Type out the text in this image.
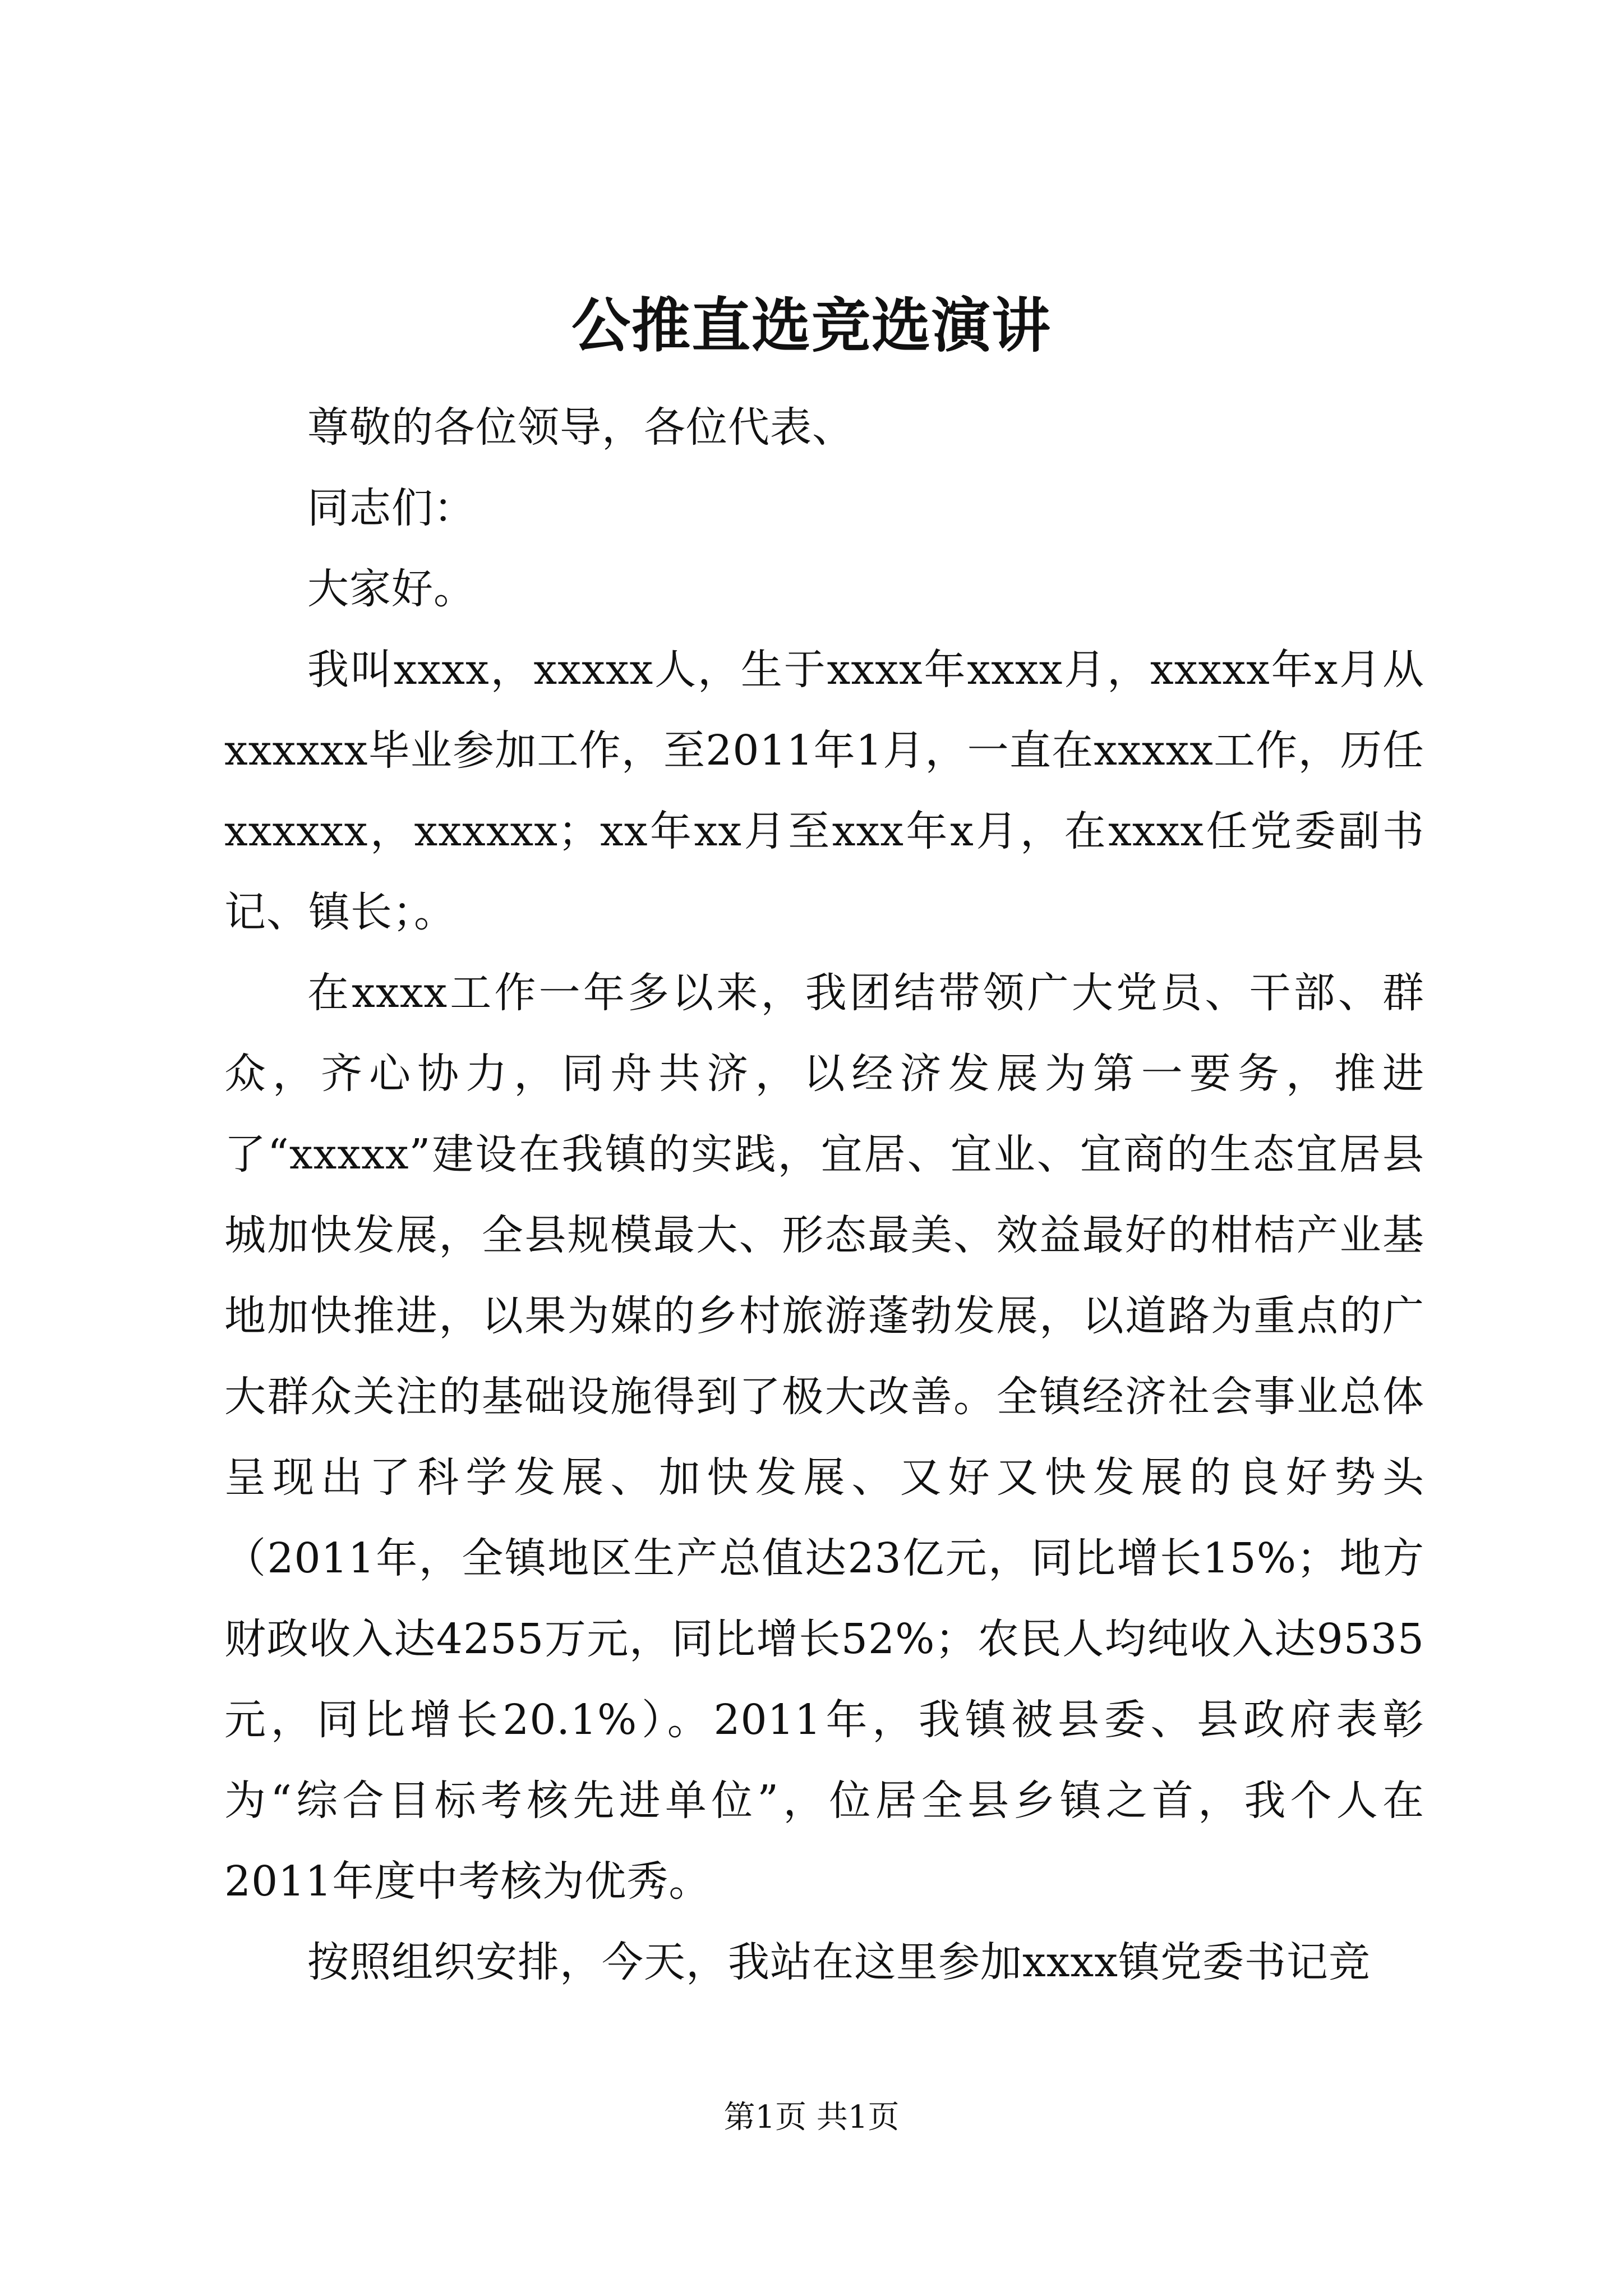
公推直选竞选演讲

尊敬的各位领导，各位代表、

同志们：

大家好。

我叫xxxx，xxxxx人，生于xxxx年xxxx月，xxxxx年x月从xxxxxx毕业参加工作，至2011年1月，一直在xxxxx工作，历任xxxxxx，xxxxxx；xx年xx月至xxx年x月，在xxxx任党委副书记、镇长；。

在xxxx工作一年多以来，我团结带领广大党员、干部、群众，齐心协力，同舟共济，以经济发展为第一要务，推进了“xxxxx”建设在我镇的实践，宜居、宜业、宜商的生态宜居县城加快发展，全县规模最大、形态最美、效益最好的柑桔产业基地加快推进，以果为媒的乡村旅游蓬勃发展，以道路为重点的广大群众关注的基础设施得到了极大改善。全镇经济社会事业总体呈现出了科学发展、加快发展、又好又快发展的良好势头（2011年，全镇地区生产总值达23亿元，同比增长15%；地方财政收入达4255万元，同比增长52%；农民人均纯收入达9535元，同比增长20.1%）。2011年，我镇被县委、县政府表彰为“综合目标考核先进单位”，位居全县乡镇之首，我个人在2011年度中考核为优秀。

按照组织安排，今天，我站在这里参加xxxx镇党委书记竞

第1页 共1页
